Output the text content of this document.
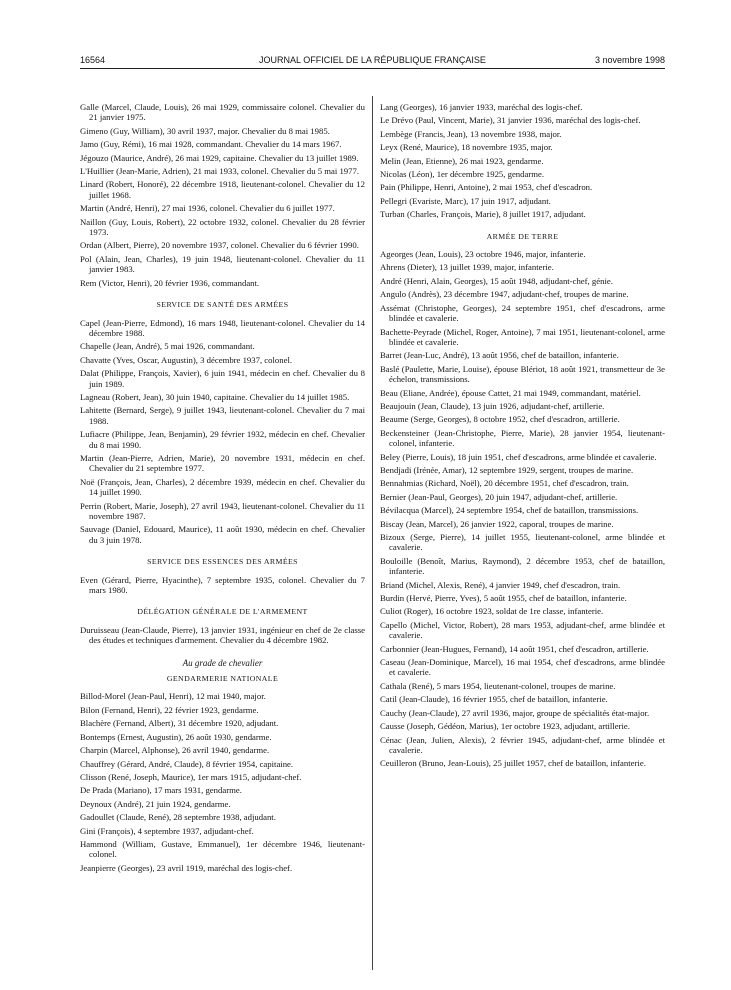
16564	JOURNAL OFFICIEL DE LA RÉPUBLIQUE FRANÇAISE	3 novembre 1998
Galle (Marcel, Claude, Louis), 26 mai 1929, commissaire colonel. Chevalier du 21 janvier 1975.
Gimeno (Guy, William), 30 avril 1937, major. Chevalier du 8 mai 1985.
Jamo (Guy, Rémi), 16 mai 1928, commandant. Chevalier du 14 mars 1967.
Jégouzo (Maurice, André), 26 mai 1929, capitaine. Chevalier du 13 juillet 1989.
L'Huillier (Jean-Marie, Adrien), 21 mai 1933, colonel. Chevalier du 5 mai 1977.
Linard (Robert, Honoré), 22 décembre 1918, lieutenant-colonel. Chevalier du 12 juillet 1968.
Martin (André, Henri), 27 mai 1936, colonel. Chevalier du 6 juillet 1977.
Naillon (Guy, Louis, Robert), 22 octobre 1932, colonel. Chevalier du 28 février 1973.
Ordan (Albert, Pierre), 20 novembre 1937, colonel. Chevalier du 6 février 1990.
Pol (Alain, Jean, Charles), 19 juin 1948, lieutenant-colonel. Chevalier du 11 janvier 1983.
Rem (Victor, Henri), 20 février 1936, commandant.
SERVICE DE SANTÉ DES ARMÉES
Capel (Jean-Pierre, Edmond), 16 mars 1948, lieutenant-colonel. Chevalier du 14 décembre 1988.
Chapelle (Jean, André), 5 mai 1926, commandant.
Chavatte (Yves, Oscar, Augustin), 3 décembre 1937, colonel.
Dalat (Philippe, François, Xavier), 6 juin 1941, médecin en chef. Chevalier du 8 juin 1989.
Lagneau (Robert, Jean), 30 juin 1940, capitaine. Chevalier du 14 juillet 1985.
Lahitette (Bernard, Serge), 9 juillet 1943, lieutenant-colonel. Chevalier du 7 mai 1988.
Lufiacre (Philippe, Jean, Benjamin), 29 février 1932, médecin en chef. Chevalier du 8 mai 1990.
Martin (Jean-Pierre, Adrien, Marie), 20 novembre 1931, médecin en chef. Chevalier du 21 septembre 1977.
Noë (François, Jean, Charles), 2 décembre 1939, médecin en chef. Chevalier du 14 juillet 1990.
Perrin (Robert, Marie, Joseph), 27 avril 1943, lieutenant-colonel. Chevalier du 11 novembre 1987.
Sauvage (Daniel, Edouard, Maurice), 11 août 1930, médecin en chef. Chevalier du 3 juin 1978.
SERVICE DES ESSENCES DES ARMÉES
Even (Gérard, Pierre, Hyacinthe), 7 septembre 1935, colonel. Chevalier du 7 mars 1980.
DÉLÉGATION GÉNÉRALE DE L'ARMEMENT
Duruisseau (Jean-Claude, Pierre), 13 janvier 1931, ingénieur en chef de 2e classe des études et techniques d'armement. Chevalier du 4 décembre 1982.
Au grade de chevalier
GENDARMERIE NATIONALE
Billod-Morel (Jean-Paul, Henri), 12 mai 1940, major.
Bilon (Fernand, Henri), 22 février 1923, gendarme.
Blachère (Fernand, Albert), 31 décembre 1920, adjudant.
Bontemps (Ernest, Augustin), 26 août 1930, gendarme.
Charpin (Marcel, Alphonse), 26 avril 1940, gendarme.
Chauffrey (Gérard, André, Claude), 8 février 1954, capitaine.
Clisson (René, Joseph, Maurice), 1er mars 1915, adjudant-chef.
De Prada (Mariano), 17 mars 1931, gendarme.
Deynoux (André), 21 juin 1924, gendarme.
Gadoullet (Claude, René), 28 septembre 1938, adjudant.
Gini (François), 4 septembre 1937, adjudant-chef.
Hammond (William, Gustave, Emmanuel), 1er décembre 1946, lieutenant-colonel.
Jeanpierre (Georges), 23 avril 1919, maréchal des logis-chef.
Lang (Georges), 16 janvier 1933, maréchal des logis-chef.
Le Drévo (Paul, Vincent, Marie), 31 janvier 1936, maréchal des logis-chef.
Lembège (Francis, Jean), 13 novembre 1938, major.
Leyx (René, Maurice), 18 novembre 1935, major.
Melin (Jean, Etienne), 26 mai 1923, gendarme.
Nicolas (Léon), 1er décembre 1925, gendarme.
Pain (Philippe, Henri, Antoine), 2 mai 1953, chef d'escadron.
Pellegri (Evariste, Marc), 17 juin 1917, adjudant.
Turban (Charles, François, Marie), 8 juillet 1917, adjudant.
ARMÉE DE TERRE
Ageorges (Jean, Louis), 23 octobre 1946, major, infanterie.
Ahrens (Dieter), 13 juillet 1939, major, infanterie.
André (Henri, Alain, Georges), 15 août 1948, adjudant-chef, génie.
Angulo (Andrès), 23 décembre 1947, adjudant-chef, troupes de marine.
Assémat (Christophe, Georges), 24 septembre 1951, chef d'escadrons, arme blindée et cavalerie.
Bachette-Peyrade (Michel, Roger, Antoine), 7 mai 1951, lieutenant-colonel, arme blindée et cavalerie.
Barret (Jean-Luc, André), 13 août 1956, chef de bataillon, infanterie.
Baslé (Paulette, Marie, Louise), épouse Blériot, 18 août 1921, transmetteur de 3e échelon, transmissions.
Beau (Eliane, Andrée), épouse Cattet, 21 mai 1949, commandant, matériel.
Beaujouin (Jean, Claude), 13 juin 1926, adjudant-chef, artillerie.
Beaume (Serge, Georges), 8 octobre 1952, chef d'escadron, artillerie.
Beckensteiner (Jean-Christophe, Pierre, Marie), 28 janvier 1954, lieutenant-colonel, infanterie.
Beley (Pierre, Louis), 18 juin 1951, chef d'escadrons, arme blindée et cavalerie.
Bendjadi (Irénée, Amar), 12 septembre 1929, sergent, troupes de marine.
Bennahmias (Richard, Noël), 20 décembre 1951, chef d'escadron, train.
Bernier (Jean-Paul, Georges), 20 juin 1947, adjudant-chef, artillerie.
Bévilacqua (Marcel), 24 septembre 1954, chef de bataillon, transmissions.
Biscay (Jean, Marcel), 26 janvier 1922, caporal, troupes de marine.
Bizoux (Serge, Pierre), 14 juillet 1955, lieutenant-colonel, arme blindée et cavalerie.
Bouloille (Benoît, Marius, Raymond), 2 décembre 1953, chef de bataillon, infanterie.
Briand (Michel, Alexis, René), 4 janvier 1949, chef d'escadron, train.
Burdin (Hervé, Pierre, Yves), 5 août 1955, chef de bataillon, infanterie.
Culiot (Roger), 16 octobre 1923, soldat de 1re classe, infanterie.
Capello (Michel, Victor, Robert), 28 mars 1953, adjudant-chef, arme blindée et cavalerie.
Carbonnier (Jean-Hugues, Fernand), 14 août 1951, chef d'escadron, artillerie.
Caseau (Jean-Dominique, Marcel), 16 mai 1954, chef d'escadrons, arme blindée et cavalerie.
Cathala (René), 5 mars 1954, lieutenant-colonel, troupes de marine.
Catil (Jean-Claude), 16 février 1955, chef de bataillon, infanterie.
Cauchy (Jean-Claude), 27 avril 1936, major, groupe de spécialités état-major.
Causse (Joseph, Gédéon, Marius), 1er octobre 1923, adjudant, artillerie.
Cénac (Jean, Julien, Alexis), 2 février 1945, adjudant-chef, arme blindée et cavalerie.
Ceuilleron (Bruno, Jean-Louis), 25 juillet 1957, chef de bataillon, infanterie.
